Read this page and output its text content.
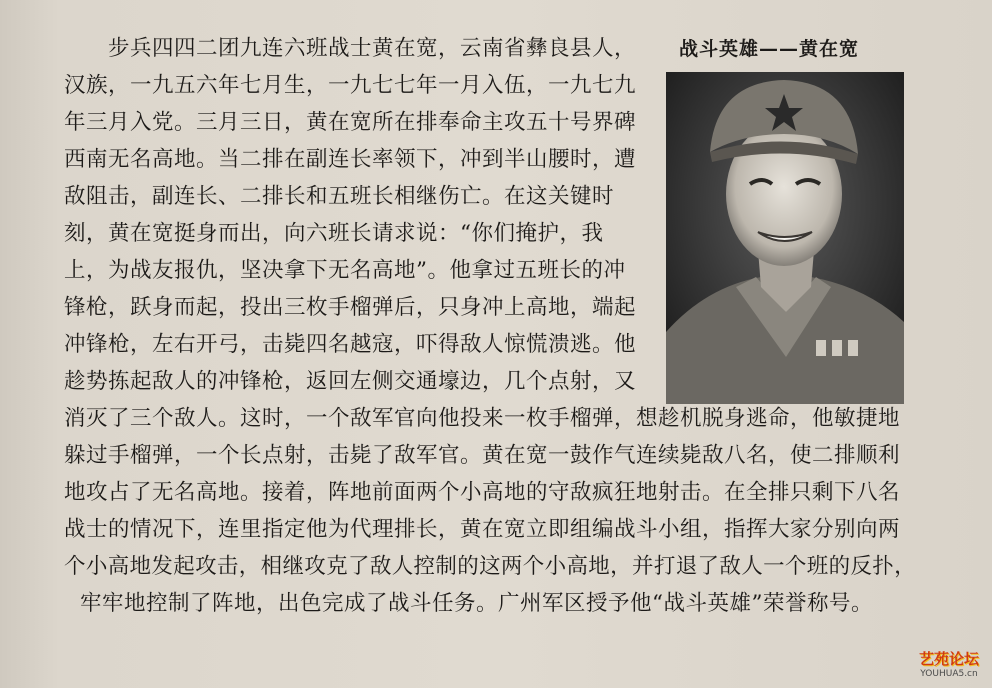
战斗英雄——黄在宽
步兵四四二团九连六班战士黄在宽，云南省彝良县人，
汉族，一九五六年七月生，一九七七年一月入伍，一九七九
年三月入党。三月三日，黄在宽所在排奉命主攻五十号界碑
西南无名高地。当二排在副连长率领下，冲到半山腰时，遭
敌阻击，副连长、二排长和五班长相继伤亡。在这关键时
刻，黄在宽挺身而出，向六班长请求说：“你们掩护，我
上，为战友报仇，坚决拿下无名高地”。他拿过五班长的冲
锋枪，跃身而起，投出三枚手榴弹后，只身冲上高地，端起
冲锋枪，左右开弓，击毙四名越寇，吓得敌人惊慌溃逃。他
趁势拣起敌人的冲锋枪，返回左侧交通壕边，几个点射，又
消灭了三个敌人。这时，一个敌军官向他投来一枚手榴弹，想趁机脱身逃命，他敏捷地
躲过手榴弹，一个长点射，击毙了敌军官。黄在宽一鼓作气连续毙敌八名，使二排顺利
地攻占了无名高地。接着，阵地前面两个小高地的守敌疯狂地射击。在全排只剩下八名
战士的情况下，连里指定他为代理排长，黄在宽立即组编战斗小组，指挥大家分别向两
个小高地发起攻击，相继攻克了敌人控制的这两个小高地，并打退了敌人一个班的反扑，
牢牢地控制了阵地，出色完成了战斗任务。广州军区授予他“战斗英雄”荣誉称号。
艺苑论坛
YOUHUA5.cn
